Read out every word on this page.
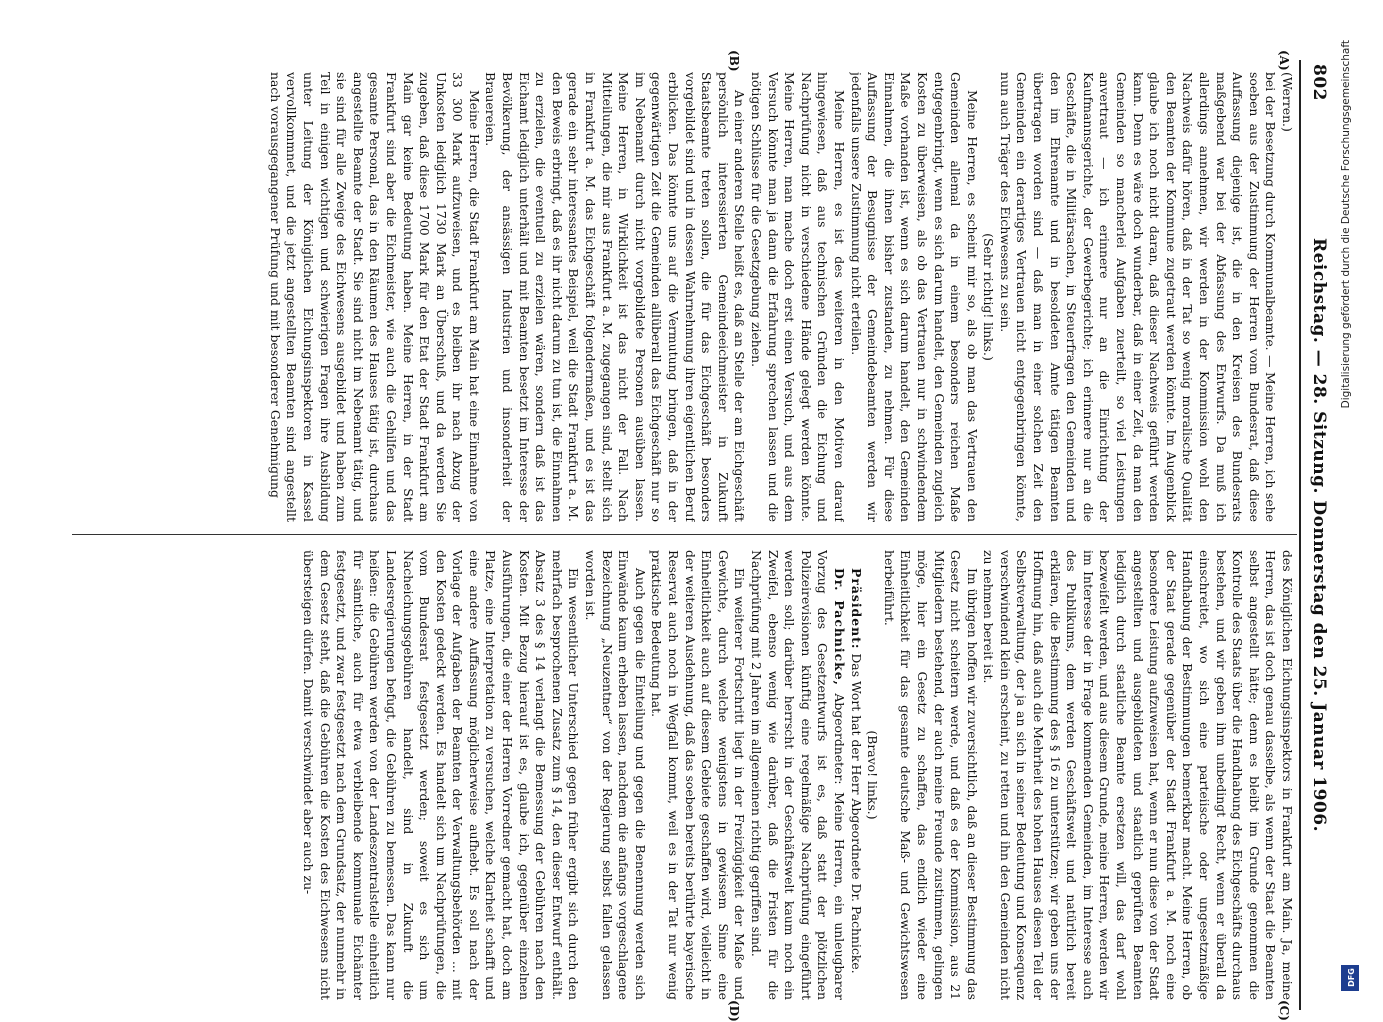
802
Reichstag. — 28. Sitzung. Donnerstag den 25. Januar 1906.
(A)
(B)
(C)
(D)

(Werren.)

bei der Besetzung durch Kommunalbeamte. — Meine Herren, ich sehe soeben aus der Zustimmung der Herren vom Bundesrat, daß diese Auffassung diejenige ist, die in den Kreisen des Bundesrats maßgebend war bei der Abfassung des Entwurfs. Da muß ich allerdings annehmen, wir werden in der Kommission wohl den Nachweis dafür hören, daß in der Tat so wenig moralische Qualität den Beamten der Kommune zugetraut werden könnte. Im Augenblick glaube ich noch nicht daran, daß dieser Nachweis geführt werden kann. Denn es wäre doch wunderbar, daß in einer Zeit, da man den Gemeinden so mancherlei Aufgaben zuerteilt, so viel Leistungen anvertraut — ich erinnere nur an die Einrichtung der Kaufmannsgerichte, der Gewerbegerichte; ich erinnere nur an die Geschäfte, die in Militärsachen, in Steuerfragen den Gemeinden und den im Ehrenamte und in besoldeten Amte tätigen Beamten übertragen worden sind — daß man in einer solchen Zeit den Gemeinden ein derartiges Vertrauen nicht entgegenbringen könnte, nun auch Träger des Eichwesens zu sein.

(Sehr richtig! links.)

Meine Herren, es scheint mir so, als ob man das Vertrauen den Gemeinden allemal da in einem besonders reichen Maße entgegenbringt, wenn es sich darum handelt, den Gemeinden zugleich Kosten zu überweisen, als ob das Vertrauen nur in schwindendem Maße vorhanden ist, wenn es sich darum handelt, den Gemeinden Einnahmen, die ihnen bisher zustanden, zu nehmen. Für diese Auffassung der Besugnisse der Gemeindebeamten werden wir jedenfalls unsere Zustimmung nicht erteilen.

Meine Herren, es ist des weiteren in den Motiven darauf hingewiesen, daß aus technischen Gründen die Eichung und Nachprüfung nicht in verschiedene Hände gelegt werden könnte. Meine Herren, man mache doch erst einen Versuch, und aus dem Versuch könnte man ja dann die Erfahrung sprechen lassen und die nötigen Schlüsse für die Gesetzgebung ziehen.

An einer anderen Stelle heißt es, daß an Stelle der am Eichgeschäft persönlich interessierten Gemeindeeichmeister in Zukunft Staatsbeamte treten sollen, die für das Eichgeschäft besonders vorgebildet sind und in dessen Wahrnehmung ihren eigentlichen Beruf erblicken. Das könnte uns auf die Vermutung bringen, daß in der gegenwärtigen Zeit die Gemeinden allüberall das Eichgeschäft nur so im Nebenamt durch nicht vorgebildete Personen ausüben lassen. Meine Herren, in Wirklichkeit ist das nicht der Fall. Nach Mitteilungen, die mir aus Frankfurt a. M. zugegangen sind, stellt sich in Frankfurt a. M. das Eichgeschäft folgendermaßen, und es ist das gerade ein sehr interessantes Beispiel, weil die Stadt Frankfurt a. M. den Beweis erbringt, daß es ihr nicht darum zu tun ist, die Einnahmen zu erzielen, die eventuell zu erzielen wären, sondern daß ist das Eichamt lediglich unterhält und mit Beamten besetzt im Interesse der Bevölkerung, der ansässigen Industrien und insonderheit der Brauereien.

Meine Herren, die Stadt Frankfurt am Main hat eine Einnahme von 33 300 Mark aufzuweisen, und es bleiben ihr nach Abzug der Unkosten lediglich 1730 Mark an Überschuß, und da werden Sie zugeben, daß diese 1700 Mark für den Etat der Stadt Frankfurt am Main gar keine Bedeutung haben. Meine Herren, in der Stadt Frankfurt sind aber die Eichmeister, wie auch die Gehilfen und das gesamte Personal, das in den Räumen des Hauses tätig ist, durchaus angestellte Beamte der Stadt. Sie sind nicht im Nebenamt tätig, und sie sind für alle Zweige des Eichwesens ausgebildet und haben zum Teil in einigen wichtigen und schwierigen Fragen ihre Ausbildung unter Leitung der Königlichen Eichungsinspektoren in Kassel vervollkommnet, und die jetzt angestellten Beamten sind angestellt nach vorausgegangener Prüfung und mit besonderer Genehmigung

des Königlichen Eichungsinspektors in Frankfurt am Main. Ja, meine Herren, das ist doch genau dasselbe, als wenn der Staat die Beamten selbst angestellt hätte; denn es bleibt im Grunde genommen die Kontrolle des Staats über die Handhabung des Eichgeschäfts durchaus bestehen, und wir geben ihm unbedingt Recht, wenn er überall da einschreitet, wo sich eine parteiische oder ungesetzmäßige Handhabung der Bestimmungen bemerkbar macht. Meine Herren, ob der Staat gerade gegenüber der Stadt Frankfurt a. M. noch eine besondere Leistung aufzuweisen hat, wenn er nun diese von der Stadt angestellten und ausgebildeten und staatlich geprüften Beamten lediglich durch staatliche Beamte ersetzen will, das darf wohl bezweifelt werden, und aus diesem Grunde, meine Herren, werden wir im Interesse der in Frage kommenden Gemeinden, im Interesse auch des Publikums, dem werden Geschäftswelt und natürlich bereit erklären, die Bestimmung des § 16 zu unterstützen; wir geben uns der Hoffnung hin, daß auch die Mehrheit des hohen Hauses diesen Teil der Selbstverwaltung, der ja an sich in seiner Bedeutung und Konsequenz verschwindend klein erscheint, zu retten und ihn den Gemeinden nicht zu nehmen bereit ist.

Im übrigen hoffen wir zuversichtlich, daß an dieser Bestimmung das Gesetz nicht scheitern werde, und daß es der Kommission, aus 21 Mitgliedern bestehend, der auch meine Freunde zustimmen, gelingen möge, hier ein Gesetz zu schaffen, das endlich wieder eine Einheitlichkeit für das gesamte deutsche Maß- und Gewichtswesen herbeiführt.

(Bravo! links.)

Präsident: Das Wort hat der Herr Abgeordnete Dr. Pachnicke.

Dr. Pachnicke, Abgeordneter: Meine Herren, ein unleugbarer Vorzug des Gesetzentwurfs ist es, daß statt der plötzlichen Polizeirevisionen künftig eine regelmäßige Nachprüfung eingeführt werden soll; darüber herrscht in der Geschäftswelt kaum noch ein Zweifel, ebenso wenig wie darüber, daß die Fristen für die Nachprüfung mit 2 Jahren im allgemeinen richtig gegriffen sind.

Ein weiterer Fortschritt liegt in der Freizügigkeit der Maße und Gewichte, durch welche wenigstens in gewissem Sinne eine Einheitlichkeit auch auf diesem Gebiete geschaffen wird, vielleicht in der weiteren Ausdehnung, daß das soeben bereits berührte bayerische Reservat auch noch in Wegfall kommt, weil es in der Tat nur wenig praktische Bedeutung hat.

Auch gegen die Einteilung und gegen die Benennung werden sich Einwände kaum erheben lassen, nachdem die anfangs vorgeschlagene Bezeichnung „Neuzentner“ von der Regierung selbst fallen gelassen worden ist.

Ein wesentlicher Unterschied gegen früher ergibt sich durch den mehrfach besprochenen Zusatz zum § 14, den dieser Entwurf enthält. Absatz 3 des § 14 verlangt die Bemessung der Gebühren nach den Kosten. Mit Bezug hierauf ist es, glaube ich, gegenüber einzelnen Ausführungen, die einer der Herren Vorredner gemacht hat, doch am Platze, eine Interpretation zu versuchen, welche Klarheit schafft und eine andere Auffassung möglicherweise aufhebt. Es soll nach der Vorlage der Aufgaben der Beamten der Verwaltungsbehörden ... mit den Kosten gedeckt werden. Es handelt sich um Nachprüfungen, die vom Bundesrat festgesetzt werden; soweit es sich um Nacheichungsgebühren handelt, sind in Zukunft die Landesregierungen befugt, die Gebühren zu bemessen. Das kann nur heißen: die Gebühren werden von der Landeszentralstelle einheitlich für sämtliche, auch für etwa verbleibende kommunale Eichämter festgesetzt, und zwar festgesetzt nach dem Grundsatz, der nunmehr in dem Gesetz steht, daß die Gebühren die Kosten des Eichwesens nicht übersteigen dürfen. Damit verschwindet aber auch zu-

Digitalisierung gefördert durch die Deutsche Forschungsgemeinschaft
DFG
